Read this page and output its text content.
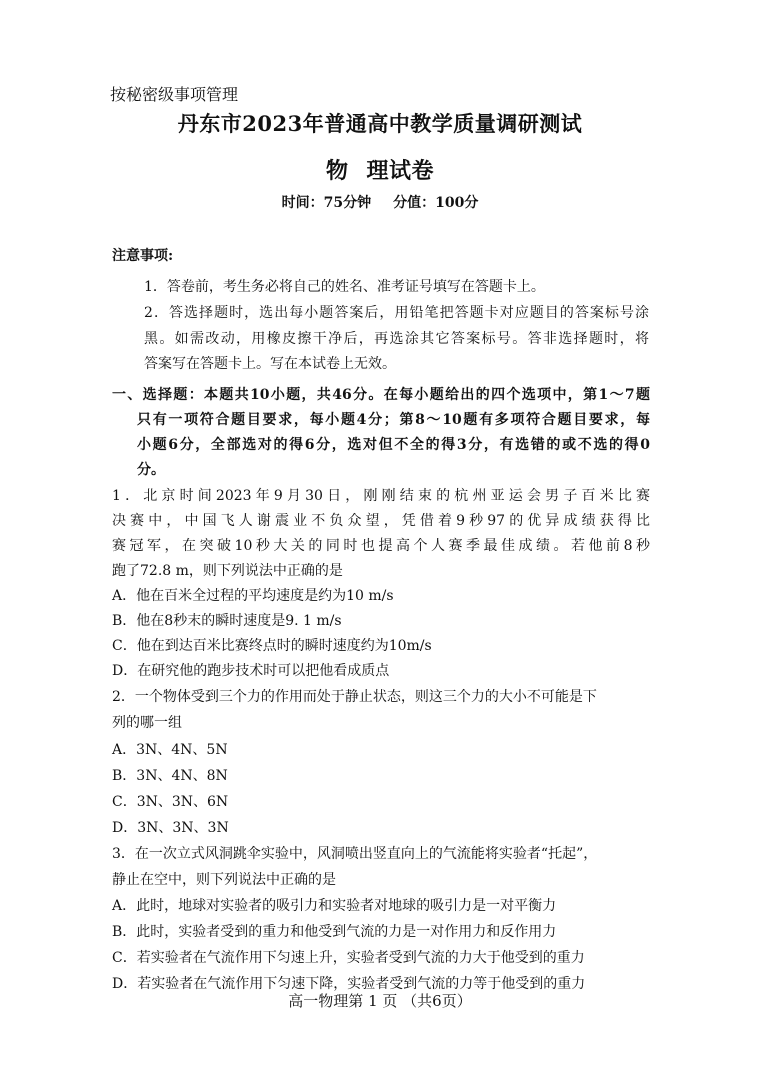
按秘密级事项管理
丹东市2023年普通高中教学质量调研测试
物 理试卷
时间：75分钟 分值：100分
注意事项:
1．答卷前，考生务必将自己的姓名、准考证号填写在答题卡上。
2．答选择题时，选出每小题答案后，用铅笔把答题卡对应题目的答案标号涂
黑。如需改动，用橡皮擦干净后，再选涂其它答案标号。答非选择题时，将
答案写在答题卡上。写在本试卷上无效。
一、选择题：本题共10小题，共46分。在每小题给出的四个选项中，第1～7题
只有一项符合题目要求，每小题4分；第8～10题有多项符合题目要求，每
小题6分，全部选对的得6分，选对但不全的得3分，有选错的或不选的得0
分。
1．北京时间2023年9月30日，刚刚结束的杭州亚运会男子百米比赛
决赛中，中国飞人谢震业不负众望，凭借着9秒97的优异成绩获得比
赛冠军，在突破10秒大关的同时也提高个人赛季最佳成绩。若他前8秒
跑了72.8 m，则下列说法中正确的是
A．他在百米全过程的平均速度是约为10 m/s
B．他在8秒末的瞬时速度是9. 1 m/s
C．他在到达百米比赛终点时的瞬时速度约为10m/s
D．在研究他的跑步技术时可以把他看成质点
2．一个物体受到三个力的作用而处于静止状态，则这三个力的大小不可能是下
列的哪一组
A．3N、4N、5N
B．3N、4N、8N
C．3N、3N、6N
D．3N、3N、3N
3．在一次立式风洞跳伞实验中，风洞喷出竖直向上的气流能将实验者“托起”，
静止在空中，则下列说法中正确的是
A．此时，地球对实验者的吸引力和实验者对地球的吸引力是一对平衡力
B．此时，实验者受到的重力和他受到气流的力是一对作用力和反作用力
C．若实验者在气流作用下匀速上升，实验者受到气流的力大于他受到的重力
D．若实验者在气流作用下匀速下降，实验者受到气流的力等于他受到的重力
高一物理第 1 页 （共6页）
